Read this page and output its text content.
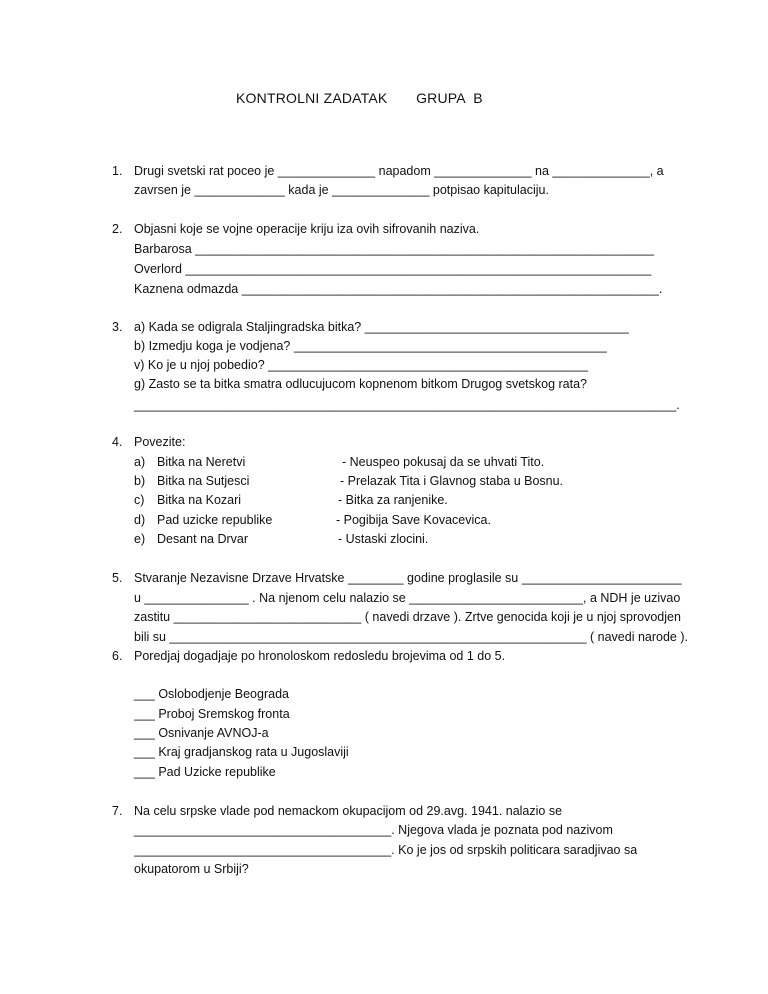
KONTROLNI ZADATAK       GRUPA  B
1. Drugi svetski rat poceo je ______________ napadom ______________ na ______________, a
zavrsen je _____________ kada je ______________ potpisao kapitulaciju.
2. Objasni koje se vojne operacije kriju iza ovih sifrovanih naziva.
Barbarosa __________________________________________________________________
Overlord ___________________________________________________________________
Kaznena odmazda ____________________________________________________________.
3. a) Kada se odigrala Staljingradska bitka? ______________________________________
b) Izmedju koga je vodjena? _____________________________________________
v) Ko je u njoj pobedio? ______________________________________________
g) Zasto se ta bitka smatra odlucujucom kopnenom bitkom Drugog svetskog rata?
______________________________________________________________________________.
4. Povezite:
a) Bitka na Neretvi	- Neuspeo pokusaj da se uhvati Tito.
b) Bitka na Sutjesci	- Prelazak Tita i Glavnog staba u Bosnu.
c) Bitka na Kozari	- Bitka za ranjenike.
d) Pad uzicke republike	- Pogibija Save Kovacevica.
e) Desant na Drvar	- Ustaski zlocini.
5. Stvaranje Nezavisne Drzave Hrvatske ________ godine proglasile su _______________________
u _______________ . Na njenom celu nalazio se _________________________, a NDH je uzivao
zastitu ___________________________ ( navedi drzave ). Zrtve genocida koji je u njoj sprovodjen
bili su ____________________________________________________________ ( navedi narode ).
6. Poredjaj dogadjaje po hronoloskom redosledu brojevima od 1 do 5.
___ Oslobodjenje Beograda
___ Proboj Sremskog fronta
___ Osnivanje AVNOJ-a
___ Kraj gradjanskog rata u Jugoslaviji
___ Pad Uzicke republike
7. Na celu srpske vlade pod nemackom okupacijom od 29.avg. 1941. nalazio se
_____________________________________. Njegova vlada je poznata pod nazivom
_____________________________________. Ko je jos od srpskih politicara saradjivao sa
okupatorom u Srbiji?
